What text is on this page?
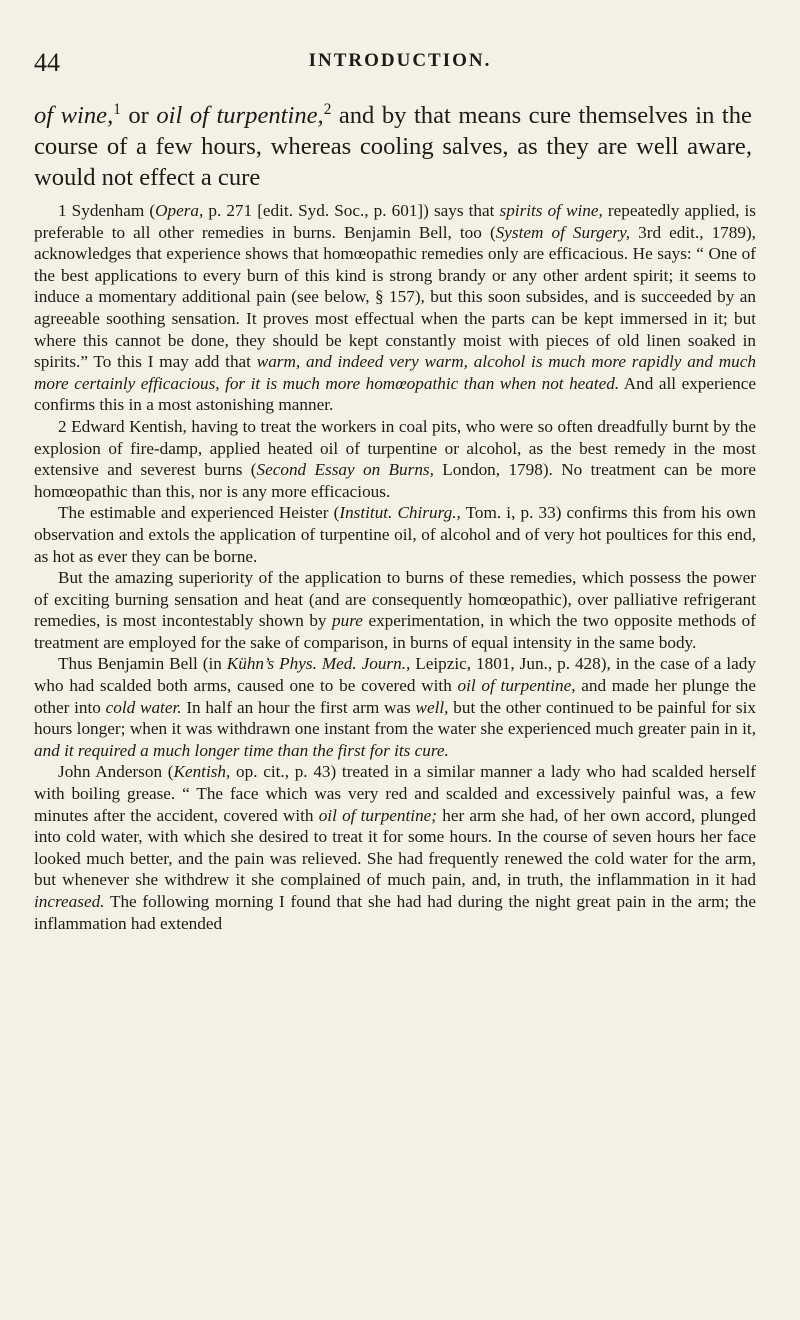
44	INTRODUCTION.

of wine,$^1$ or oil of turpentine,$^2$ and by that means cure themselves in the course of a few hours, whereas cooling salves, as they are well aware, would not effect a cure

1 Sydenham (Opera, p. 271 [edit. Syd. Soc., p. 601]) says that spirits of wine, repeatedly applied, is preferable to all other remedies in burns. Benjamin Bell, too (System of Surgery, 3rd edit., 1789), acknowledges that experience shows that homœopathic remedies only are efficacious. He says: “ One of the best applications to every burn of this kind is strong brandy or any other ardent spirit; it seems to induce a momentary additional pain (see below, § 157), but this soon subsides, and is succeeded by an agreeable soothing sensation. It proves most effectual when the parts can be kept immersed in it; but where this cannot be done, they should be kept constantly moist with pieces of old linen soaked in spirits.” To this I may add that warm, and indeed very warm, alcohol is much more rapidly and much more certainly efficacious, for it is much more homœopathic than when not heated. And all experience confirms this in a most astonishing manner.

2 Edward Kentish, having to treat the workers in coal pits, who were so often dreadfully burnt by the explosion of fire-damp, applied heated oil of turpentine or alcohol, as the best remedy in the most extensive and severest burns (Second Essay on Burns, London, 1798). No treatment can be more homœopathic than this, nor is any more efficacious.

The estimable and experienced Heister (Institut. Chirurg., Tom. i, p. 33) confirms this from his own observation and extols the application of turpentine oil, of alcohol and of very hot poultices for this end, as hot as ever they can be borne.

But the amazing superiority of the application to burns of these remedies, which possess the power of exciting burning sensation and heat (and are consequently homœopathic), over palliative refrigerant remedies, is most incontestably shown by pure experimentation, in which the two opposite methods of treatment are employed for the sake of comparison, in burns of equal intensity in the same body.

Thus Benjamin Bell (in Kühn’s Phys. Med. Journ., Leipzic, 1801, Jun., p. 428), in the case of a lady who had scalded both arms, caused one to be covered with oil of turpentine, and made her plunge the other into cold water. In half an hour the first arm was well, but the other continued to be painful for six hours longer; when it was withdrawn one instant from the water she experienced much greater pain in it, and it required a much longer time than the first for its cure.

John Anderson (Kentish, op. cit., p. 43) treated in a similar manner a lady who had scalded herself with boiling grease. “ The face which was very red and scalded and excessively painful was, a few minutes after the accident, covered with oil of turpentine; her arm she had, of her own accord, plunged into cold water, with which she desired to treat it for some hours. In the course of seven hours her face looked much better, and the pain was relieved. She had frequently renewed the cold water for the arm, but whenever she withdrew it she complained of much pain, and, in truth, the inflammation in it had increased. The following morning I found that she had had during the night great pain in the arm; the inflammation had extended
